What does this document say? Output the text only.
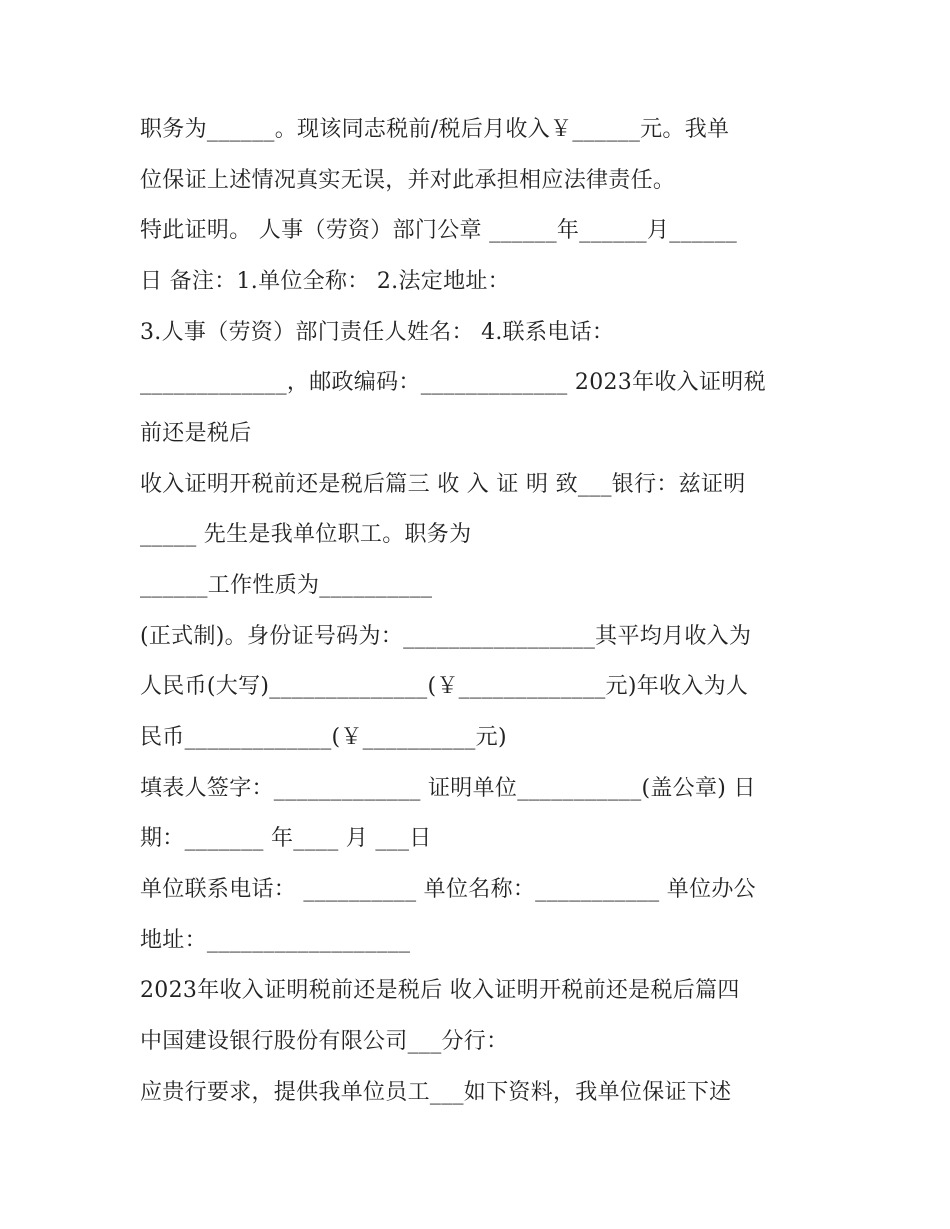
职务为______。现该同志税前/税后月收入￥______元。我单

位保证上述情况真实无误，并对此承担相应法律责任。

特此证明。 人事（劳资）部门公章 ______年______月______

日 备注：1.单位全称： 2.法定地址：

3.人事（劳资）部门责任人姓名： 4.联系电话：

_____________，邮政编码：_____________ 2023年收入证明税

前还是税后

收入证明开税前还是税后篇三 收 入 证 明 致___银行：兹证明

_____ 先生是我单位职工。职务为

______工作性质为__________

(正式制)。身份证号码为：_________________其平均月收入为

人民币(大写)______________(￥_____________元)年收入为人

民币_____________(￥__________元)

填表人签字：_____________ 证明单位___________(盖公章) 日

期：_______ 年____ 月 ___日

单位联系电话： __________ 单位名称：___________ 单位办公

地址：__________________

2023年收入证明税前还是税后 收入证明开税前还是税后篇四

中国建设银行股份有限公司___分行：

应贵行要求，提供我单位员工___如下资料，我单位保证下述
